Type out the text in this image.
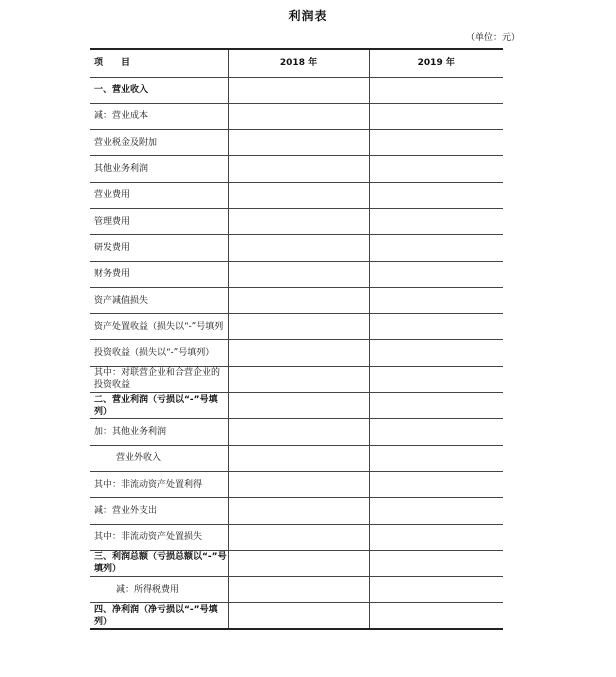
利润表
（单位：元）
项　　目	2018 年	2019 年
一、营业收入		
减：营业成本		
营业税金及附加		
其他业务利润		
营业费用		
管理费用		
研发费用		
财务费用		
资产减值损失		
资产处置收益（损失以“-”号填列		
投资收益（损失以“-”号填列）		
其中：对联营企业和合营企业的投资收益		
二、营业利润（亏损以“-”号填列）		
加：其他业务利润		
营业外收入		
其中：非流动资产处置利得		
减：营业外支出		
其中：非流动资产处置损失		
三、利润总额（亏损总额以“-”号填列）		
减：所得税费用		
四、净利润（净亏损以“-”号填列）		
